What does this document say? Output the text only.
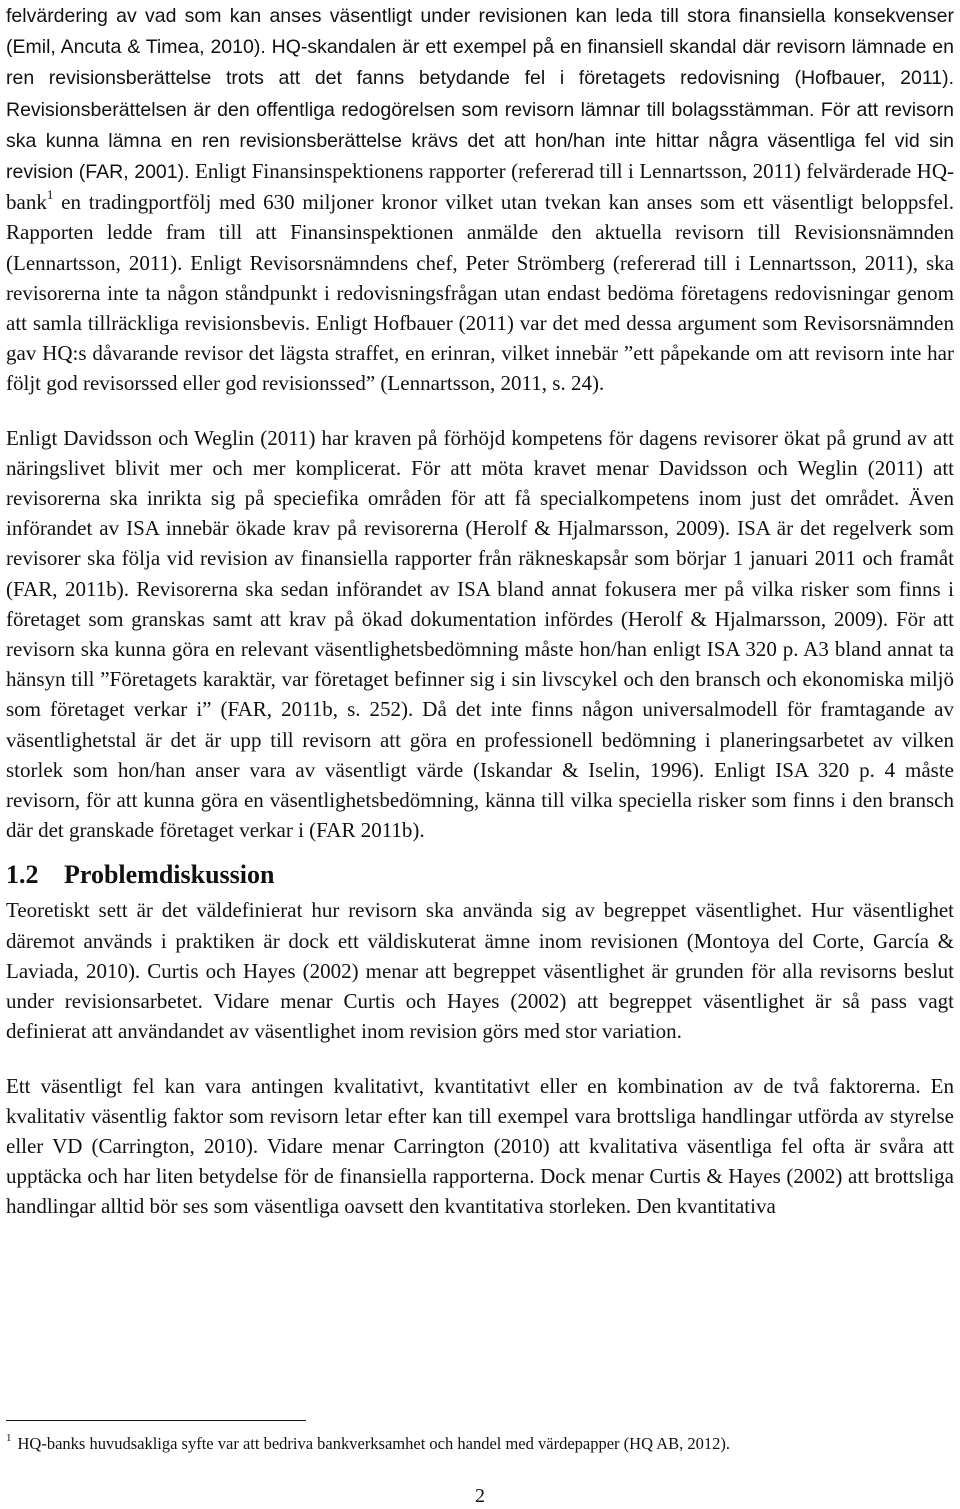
felvärdering av vad som kan anses väsentligt under revisionen kan leda till stora finansiella konsekvenser (Emil, Ancuta & Timea, 2010). HQ-skandalen är ett exempel på en finansiell skandal där revisorn lämnade en ren revisionsberättelse trots att det fanns betydande fel i företagets redovisning (Hofbauer, 2011). Revisionsberättelsen är den offentliga redogörelsen som revisorn lämnar till bolagsstämman. För att revisorn ska kunna lämna en ren revisionsberättelse krävs det att hon/han inte hittar några väsentliga fel vid sin revision (FAR, 2001). Enligt Finansinspektionens rapporter (refererad till i Lennartsson, 2011) felvärderade HQ-bank$^1$ en tradingportfölj med 630 miljoner kronor vilket utan tvekan kan anses som ett väsentligt beloppsfel. Rapporten ledde fram till att Finansinspektionen anmälde den aktuella revisorn till Revisionsnämnden (Lennartsson, 2011). Enligt Revisorsnämndens chef, Peter Strömberg (refererad till i Lennartsson, 2011), ska revisorerna inte ta någon ståndpunkt i redovisningsfrågan utan endast bedöma företagens redovisningar genom att samla tillräckliga revisionsbevis. Enligt Hofbauer (2011) var det med dessa argument som Revisorsnämnden gav HQ:s dåvarande revisor det lägsta straffet, en erinran, vilket innebär ”ett påpekande om att revisorn inte har följt god revisorssed eller god revisionssed” (Lennartsson, 2011, s. 24).

Enligt Davidsson och Weglin (2011) har kraven på förhöjd kompetens för dagens revisorer ökat på grund av att näringslivet blivit mer och mer komplicerat. För att möta kravet menar Davidsson och Weglin (2011) att revisorerna ska inrikta sig på speciefika områden för att få specialkompetens inom just det området. Även införandet av ISA innebär ökade krav på revisorerna (Herolf & Hjalmarsson, 2009). ISA är det regelverk som revisorer ska följa vid revision av finansiella rapporter från räkneskapsår som börjar 1 januari 2011 och framåt (FAR, 2011b). Revisorerna ska sedan införandet av ISA bland annat fokusera mer på vilka risker som finns i företaget som granskas samt att krav på ökad dokumentation infördes (Herolf & Hjalmarsson, 2009). För att revisorn ska kunna göra en relevant väsentlighetsbedömning måste hon/han enligt ISA 320 p. A3 bland annat ta hänsyn till ”Företagets karaktär, var företaget befinner sig i sin livscykel och den bransch och ekonomiska miljö som företaget verkar i” (FAR, 2011b, s. 252). Då det inte finns någon universalmodell för framtagande av väsentlighetstal är det är upp till revisorn att göra en professionell bedömning i planeringsarbetet av vilken storlek som hon/han anser vara av väsentligt värde (Iskandar & Iselin, 1996). Enligt ISA 320 p. 4 måste revisorn, för att kunna göra en väsentlighetsbedömning, känna till vilka speciella risker som finns i den bransch där det granskade företaget verkar i (FAR 2011b).

1.2 Problemdiskussion

Teoretiskt sett är det väldefinierat hur revisorn ska använda sig av begreppet väsentlighet. Hur väsentlighet däremot används i praktiken är dock ett väldiskuterat ämne inom revisionen (Montoya del Corte, García & Laviada, 2010). Curtis och Hayes (2002) menar att begreppet väsentlighet är grunden för alla revisorns beslut under revisionsarbetet. Vidare menar Curtis och Hayes (2002) att begreppet väsentlighet är så pass vagt definierat att användandet av väsentlighet inom revision görs med stor variation.

Ett väsentligt fel kan vara antingen kvalitativt, kvantitativt eller en kombination av de två faktorerna. En kvalitativ väsentlig faktor som revisorn letar efter kan till exempel vara brottsliga handlingar utförda av styrelse eller VD (Carrington, 2010). Vidare menar Carrington (2010) att kvalitativa väsentliga fel ofta är svåra att upptäcka och har liten betydelse för de finansiella rapporterna. Dock menar Curtis & Hayes (2002) att brottsliga handlingar alltid bör ses som väsentliga oavsett den kvantitativa storleken. Den kvantitativa

$^1$ HQ-banks huvudsakliga syfte var att bedriva bankverksamhet och handel med värdepapper (HQ AB, 2012).
2
